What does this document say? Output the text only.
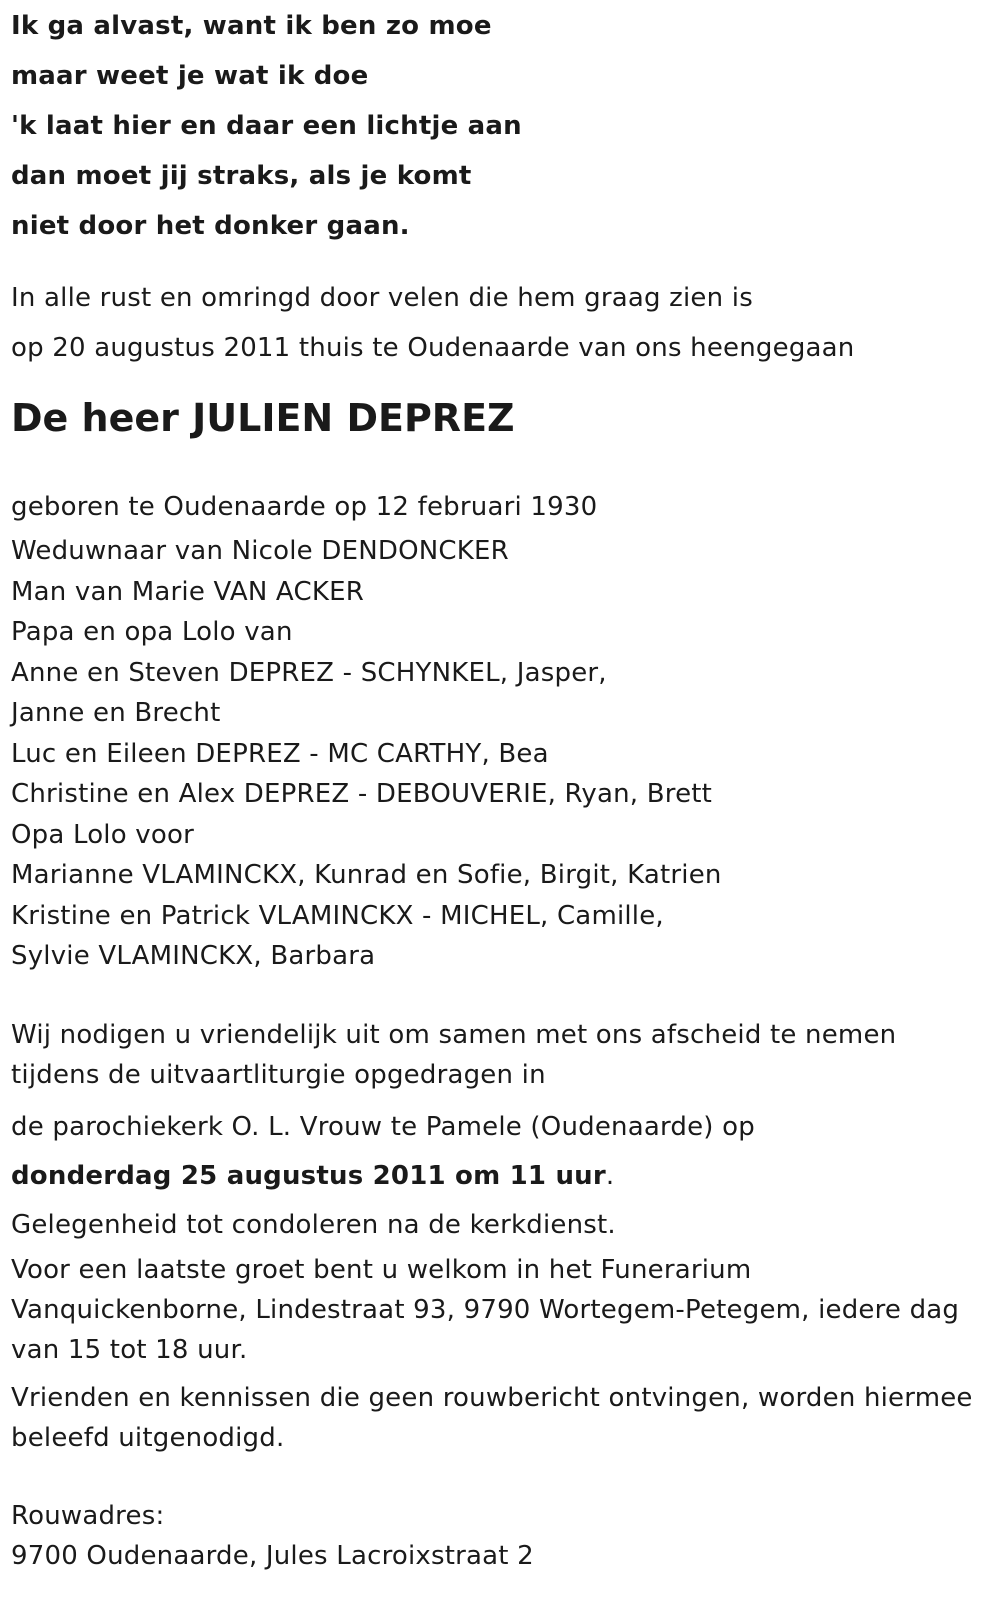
Ik ga alvast, want ik ben zo moe
maar weet je wat ik doe
'k laat hier en daar een lichtje aan
dan moet jij straks, als je komt
niet door het donker gaan.
In alle rust en omringd door velen die hem graag zien is
op 20 augustus 2011 thuis te Oudenaarde van ons heengegaan
De heer JULIEN DEPREZ
geboren te Oudenaarde op 12 februari 1930
Weduwnaar van Nicole DENDONCKER
Man van Marie VAN ACKER
Papa en opa Lolo van
Anne en Steven DEPREZ - SCHYNKEL, Jasper,
Janne en Brecht
Luc en Eileen DEPREZ - MC CARTHY, Bea
Christine en Alex DEPREZ - DEBOUVERIE, Ryan, Brett
Opa Lolo voor
Marianne VLAMINCKX, Kunrad en Sofie, Birgit, Katrien
Kristine en Patrick VLAMINCKX - MICHEL, Camille,
Sylvie VLAMINCKX, Barbara
Wij nodigen u vriendelijk uit om samen met ons afscheid te nemen
tijdens de uitvaartliturgie opgedragen in
de parochiekerk O. L. Vrouw te Pamele (Oudenaarde) op
donderdag 25 augustus 2011 om 11 uur.
Gelegenheid tot condoleren na de kerkdienst.
Voor een laatste groet bent u welkom in het Funerarium
Vanquickenborne, Lindestraat 93, 9790 Wortegem-Petegem, iedere dag
van 15 tot 18 uur.
Vrienden en kennissen die geen rouwbericht ontvingen, worden hiermee
beleefd uitgenodigd.
Rouwadres:
9700 Oudenaarde, Jules Lacroixstraat 2
